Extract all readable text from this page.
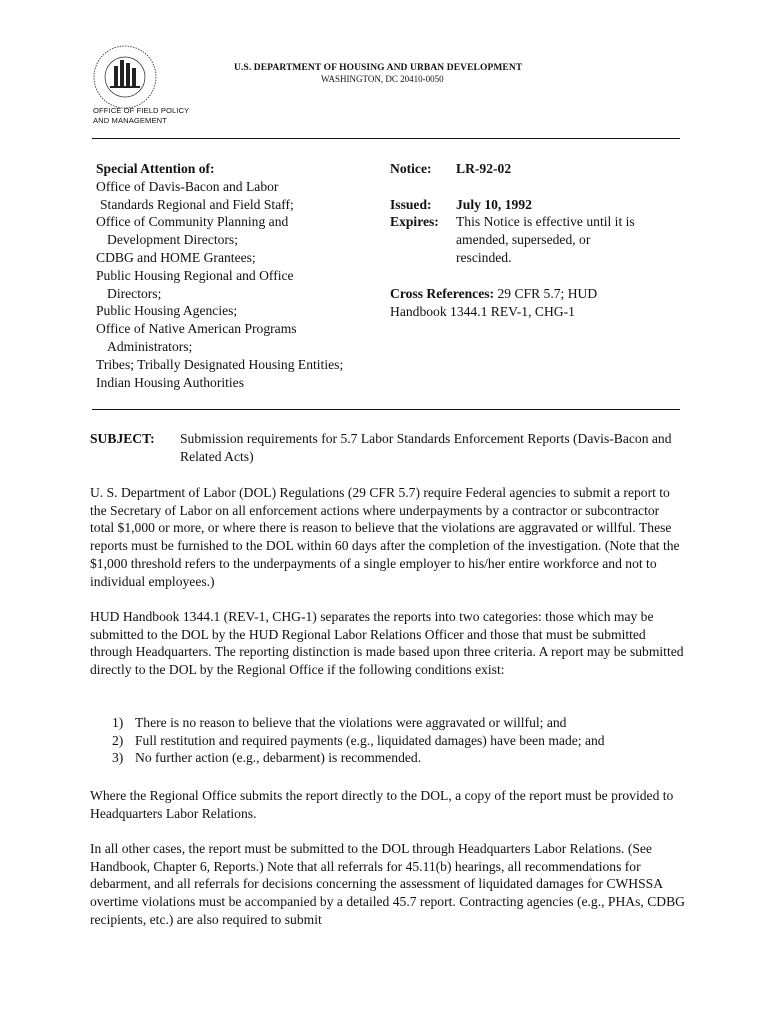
OFFICE OF FIELD POLICY
AND MANAGEMENT
U.S. DEPARTMENT OF HOUSING AND URBAN DEVELOPMENT
WASHINGTON, DC 20410-0050
Special Attention of:
Office of Davis-Bacon and Labor
Standards Regional and Field Staff;
Office of Community Planning and
Development Directors;
CDBG and HOME Grantees;
Public Housing Regional and Office
Directors;
Public Housing Agencies;
Office of Native American Programs
Administrators;
Tribes; Tribally Designated Housing Entities;
Indian Housing Authorities
Notice:	LR-92-02
Issued:	July 10, 1992
Expires:	This Notice is effective until it is
amended, superseded, or
rescinded.
Cross References: 29 CFR 5.7; HUD
Handbook 1344.1 REV-1, CHG-1
SUBJECT:	Submission requirements for 5.7 Labor Standards Enforcement Reports (Davis-Bacon and Related Acts)

U. S. Department of Labor (DOL) Regulations (29 CFR 5.7) require Federal agencies to submit a report to the Secretary of Labor on all enforcement actions where underpayments by a contractor or subcontractor total $1,000 or more, or where there is reason to believe that the violations are aggravated or willful. These reports must be furnished to the DOL within 60 days after the completion of the investigation. (Note that the $1,000 threshold refers to the underpayments of a single employer to his/her entire workforce and not to individual employees.)

HUD Handbook 1344.1 (REV-1, CHG-1) separates the reports into two categories: those which may be submitted to the DOL by the HUD Regional Labor Relations Officer and those that must be submitted through Headquarters. The reporting distinction is made based upon three criteria. A report may be submitted directly to the DOL by the Regional Office if the following conditions exist:

1) There is no reason to believe that the violations were aggravated or willful; and
2) Full restitution and required payments (e.g., liquidated damages) have been made; and
3) No further action (e.g., debarment) is recommended.

Where the Regional Office submits the report directly to the DOL, a copy of the report must be provided to Headquarters Labor Relations.

In all other cases, the report must be submitted to the DOL through Headquarters Labor Relations. (See Handbook, Chapter 6, Reports.) Note that all referrals for 45.11(b) hearings, all recommendations for debarment, and all referrals for decisions concerning the assessment of liquidated damages for CWHSSA overtime violations must be accompanied by a detailed 45.7 report. Contracting agencies (e.g., PHAs, CDBG recipients, etc.) are also required to submit
